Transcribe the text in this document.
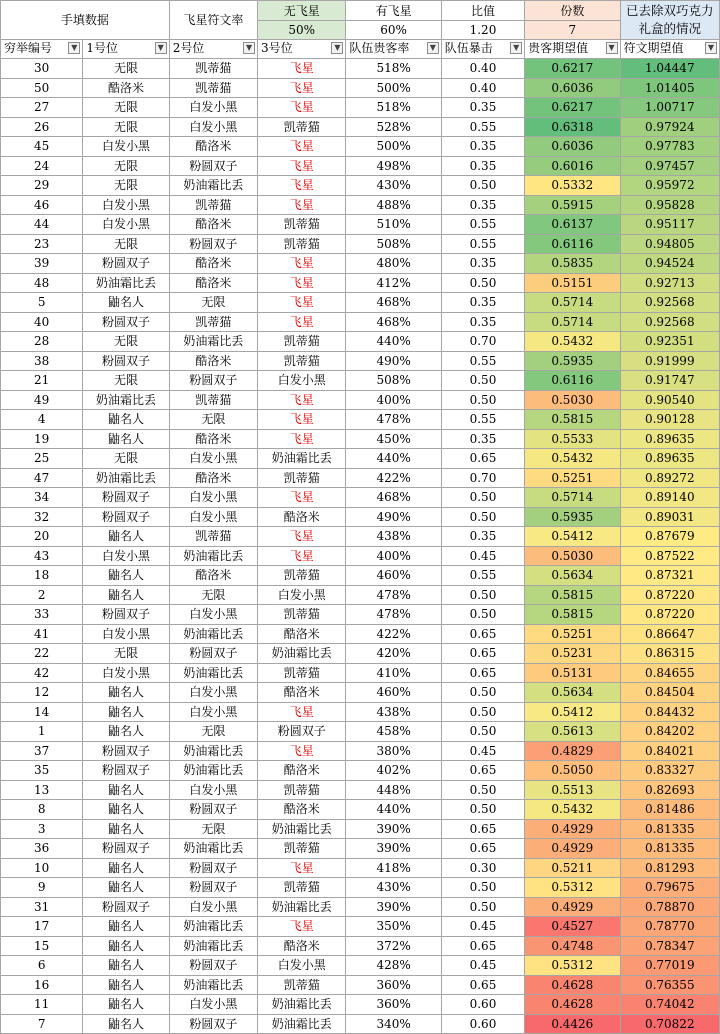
手填数据		飞星符文率	无飞星	有飞星	比值	份数	已去除双巧克力礼盒的情况
			50%	60%	1.20	7	
穷举编号 ▼	1号位 ▼	2号位 ▼	3号位 ▼	队伍贵客率 ▼	队伍暴击 ▼	贵客期望值 ▼	符文期望值 ▼

30	无限	凯蒂猫	飞星	518%	0.40	0.6217	1.04447
50	酷洛米	凯蒂猫	飞星	500%	0.40	0.6036	1.01405
27	无限	白发小黑	飞星	518%	0.35	0.6217	1.00717
26	无限	白发小黑	凯蒂猫	528%	0.55	0.6318	0.97924
45	白发小黑	酷洛米	飞星	500%	0.35	0.6036	0.97783
24	无限	粉圆双子	飞星	498%	0.35	0.6016	0.97457
29	无限	奶油霜比丢	飞星	430%	0.50	0.5332	0.95972
46	白发小黑	凯蒂猫	飞星	488%	0.35	0.5915	0.95828
44	白发小黑	酷洛米	凯蒂猫	510%	0.55	0.6137	0.95117
23	无限	粉圆双子	凯蒂猫	508%	0.55	0.6116	0.94805
39	粉圆双子	酷洛米	飞星	480%	0.35	0.5835	0.94524
48	奶油霜比丢	酷洛米	飞星	412%	0.50	0.5151	0.92713
5	鼬名人	无限	飞星	468%	0.35	0.5714	0.92568
40	粉圆双子	凯蒂猫	飞星	468%	0.35	0.5714	0.92568
28	无限	奶油霜比丢	凯蒂猫	440%	0.70	0.5432	0.92351
38	粉圆双子	酷洛米	凯蒂猫	490%	0.55	0.5935	0.91999
21	无限	粉圆双子	白发小黑	508%	0.50	0.6116	0.91747
49	奶油霜比丢	凯蒂猫	飞星	400%	0.50	0.5030	0.90540
4	鼬名人	无限	飞星	478%	0.55	0.5815	0.90128
19	鼬名人	酷洛米	飞星	450%	0.35	0.5533	0.89635
25	无限	白发小黑	奶油霜比丢	440%	0.65	0.5432	0.89635
47	奶油霜比丢	酷洛米	凯蒂猫	422%	0.70	0.5251	0.89272
34	粉圆双子	白发小黑	飞星	468%	0.50	0.5714	0.89140
32	粉圆双子	白发小黑	酷洛米	490%	0.50	0.5935	0.89031
20	鼬名人	凯蒂猫	飞星	438%	0.35	0.5412	0.87679
43	白发小黑	奶油霜比丢	飞星	400%	0.45	0.5030	0.87522
18	鼬名人	酷洛米	凯蒂猫	460%	0.55	0.5634	0.87321
2	鼬名人	无限	白发小黑	478%	0.50	0.5815	0.87220
33	粉圆双子	白发小黑	凯蒂猫	478%	0.50	0.5815	0.87220
41	白发小黑	奶油霜比丢	酷洛米	422%	0.65	0.5251	0.86647
22	无限	粉圆双子	奶油霜比丢	420%	0.65	0.5231	0.86315
42	白发小黑	奶油霜比丢	凯蒂猫	410%	0.65	0.5131	0.84655
12	鼬名人	白发小黑	酷洛米	460%	0.50	0.5634	0.84504
14	鼬名人	白发小黑	飞星	438%	0.50	0.5412	0.84432
1	鼬名人	无限	粉圆双子	458%	0.50	0.5613	0.84202
37	粉圆双子	奶油霜比丢	飞星	380%	0.45	0.4829	0.84021
35	粉圆双子	奶油霜比丢	酷洛米	402%	0.65	0.5050	0.83327
13	鼬名人	白发小黑	凯蒂猫	448%	0.50	0.5513	0.82693
8	鼬名人	粉圆双子	酷洛米	440%	0.50	0.5432	0.81486
3	鼬名人	无限	奶油霜比丢	390%	0.65	0.4929	0.81335
36	粉圆双子	奶油霜比丢	凯蒂猫	390%	0.65	0.4929	0.81335
10	鼬名人	粉圆双子	飞星	418%	0.30	0.5211	0.81293
9	鼬名人	粉圆双子	凯蒂猫	430%	0.50	0.5312	0.79675
31	粉圆双子	白发小黑	奶油霜比丢	390%	0.50	0.4929	0.78870
17	鼬名人	奶油霜比丢	飞星	350%	0.45	0.4527	0.78770
15	鼬名人	奶油霜比丢	酷洛米	372%	0.65	0.4748	0.78347
6	鼬名人	粉圆双子	白发小黑	428%	0.45	0.5312	0.77019
16	鼬名人	奶油霜比丢	凯蒂猫	360%	0.65	0.4628	0.76355
11	鼬名人	白发小黑	奶油霜比丢	360%	0.60	0.4628	0.74042
7	鼬名人	粉圆双子	奶油霜比丢	340%	0.60	0.4426	0.70822
